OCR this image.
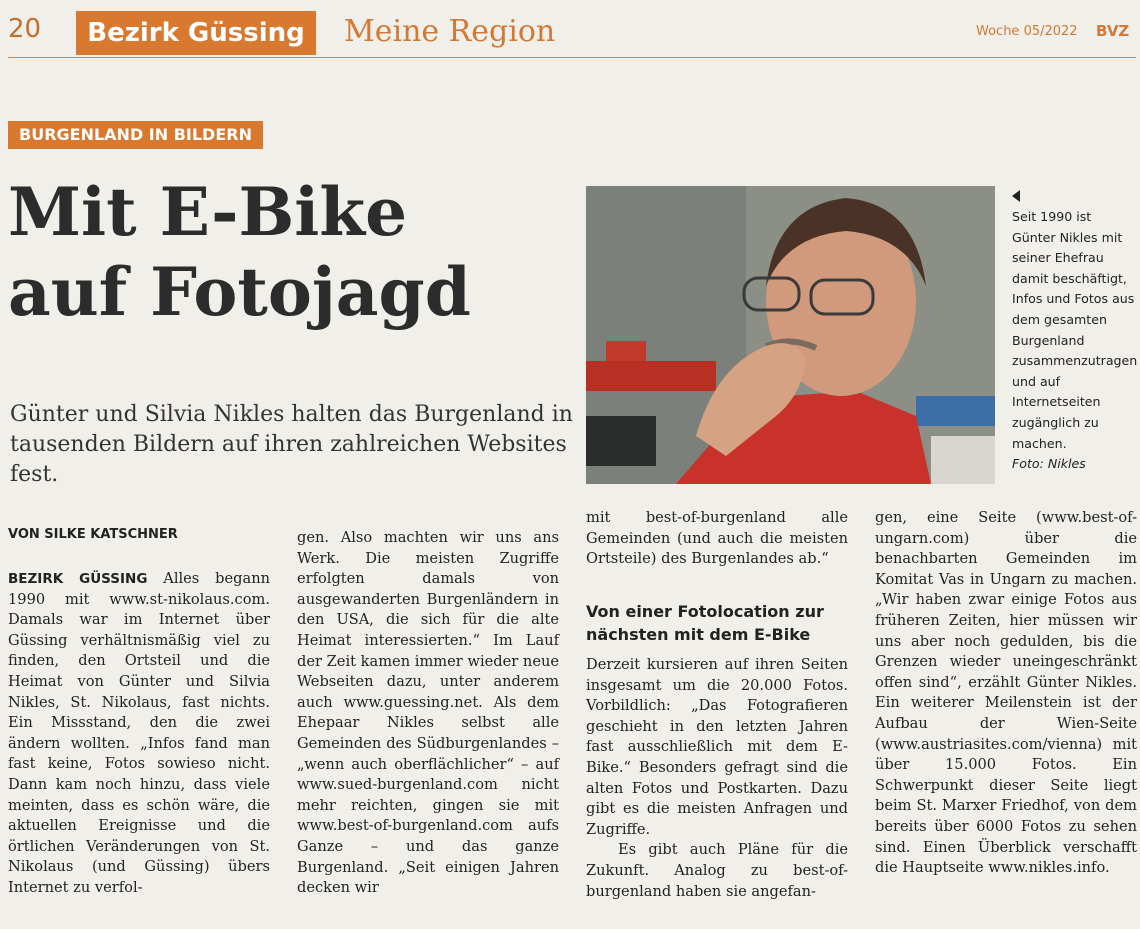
20	Bezirk Güssing	Meine Region	Woche 05/2022 BVZ
BURGENLAND IN BILDERN
Mit E-Bike
auf Fotojagd
Günter und Silvia Nikles halten das Burgenland in tausenden Bildern auf ihren zahlreichen Websites fest.
Seit 1990 ist Günter Nikles mit seiner Ehefrau damit beschäftigt, Infos und Fotos aus dem gesamten Burgenland zusammenzutragen und auf Internetseiten zugänglich zu machen.
Foto: Nikles
VON SILKE KATSCHNER

BEZIRK GÜSSING Alles begann 1990 mit www.st-nikolaus.com. Damals war im Internet über Güssing verhältnismäßig viel zu finden, den Ortsteil und die Heimat von Günter und Silvia Nikles, St. Nikolaus, fast nichts. Ein Missstand, den die zwei ändern wollten. „Infos fand man fast keine, Fotos sowieso nicht. Dann kam noch hinzu, dass viele meinten, dass es schön wäre, die aktuellen Ereignisse und die örtlichen Veränderungen von St. Nikolaus (und Güssing) übers Internet zu verfol-

gen. Also machten wir uns ans Werk. Die meisten Zugriffe erfolgten damals von ausgewanderten Burgenländern in den USA, die sich für die alte Heimat interessierten.“ Im Lauf der Zeit kamen immer wieder neue Webseiten dazu, unter anderem auch www.guessing.net. Als dem Ehepaar Nikles selbst alle Gemeinden des Südburgenlandes – „wenn auch oberflächlicher“ – auf www.sued-burgenland.com nicht mehr reichten, gingen sie mit www.best-of-burgenland.com aufs Ganze – und das ganze Burgenland. „Seit einigen Jahren decken wir

mit best-of-burgenland alle Gemeinden (und auch die meisten Ortsteile) des Burgenlandes ab.“

Von einer Fotolocation zur nächsten mit dem E-Bike

Derzeit kursieren auf ihren Seiten insgesamt um die 20.000 Fotos. Vorbildlich: „Das Fotografieren geschieht in den letzten Jahren fast ausschließlich mit dem E-Bike.“ Besonders gefragt sind die alten Fotos und Postkarten. Dazu gibt es die meisten Anfragen und Zugriffe.

Es gibt auch Pläne für die Zukunft. Analog zu best-of-burgenland haben sie angefan-

gen, eine Seite (www.best-of-ungarn.com) über die benachbarten Gemeinden im Komitat Vas in Ungarn zu machen. „Wir haben zwar einige Fotos aus früheren Zeiten, hier müssen wir uns aber noch gedulden, bis die Grenzen wieder uneingeschränkt offen sind“, erzählt Günter Nikles. Ein weiterer Meilenstein ist der Aufbau der Wien-Seite (www.austriasites.com/vienna) mit über 15.000 Fotos. Ein Schwerpunkt dieser Seite liegt beim St. Marxer Friedhof, von dem bereits über 6000 Fotos zu sehen sind. Einen Überblick verschafft die Hauptseite www.nikles.info.
